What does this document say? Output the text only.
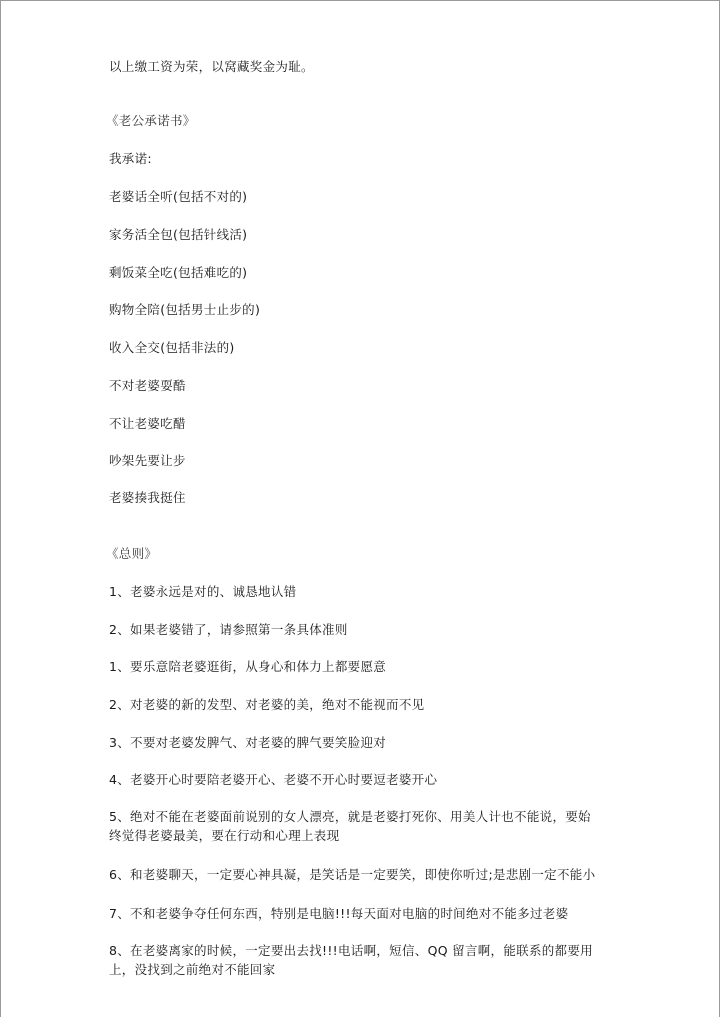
以上缴工资为荣，以窝藏奖金为耻。
《老公承诺书》
我承诺:
老婆话全听(包括不对的)
家务活全包(包括针线活)
剩饭菜全吃(包括难吃的)
购物全陪(包括男士止步的)
收入全交(包括非法的)
不对老婆耍酷
不让老婆吃醋
吵架先要让步
老婆揍我挺住
《总则》
1、老婆永远是对的、诚恳地认错
2、如果老婆错了，请参照第一条具体准则
1、要乐意陪老婆逛街，从身心和体力上都要愿意
2、对老婆的新的发型、对老婆的美，绝对不能视而不见
3、不要对老婆发脾气、对老婆的脾气要笑脸迎对
4、老婆开心时要陪老婆开心、老婆不开心时要逗老婆开心
5、绝对不能在老婆面前说别的女人漂亮，就是老婆打死你、用美人计也不能说，要始终觉得老婆最美，要在行动和心理上表现
6、和老婆聊天，一定要心神具凝，是笑话是一定要笑，即使你听过;是悲剧一定不能小
7、不和老婆争夺任何东西，特别是电脑!!!每天面对电脑的时间绝对不能多过老婆
8、在老婆离家的时候，一定要出去找!!!电话啊，短信、QQ 留言啊，能联系的都要用上，没找到之前绝对不能回家
